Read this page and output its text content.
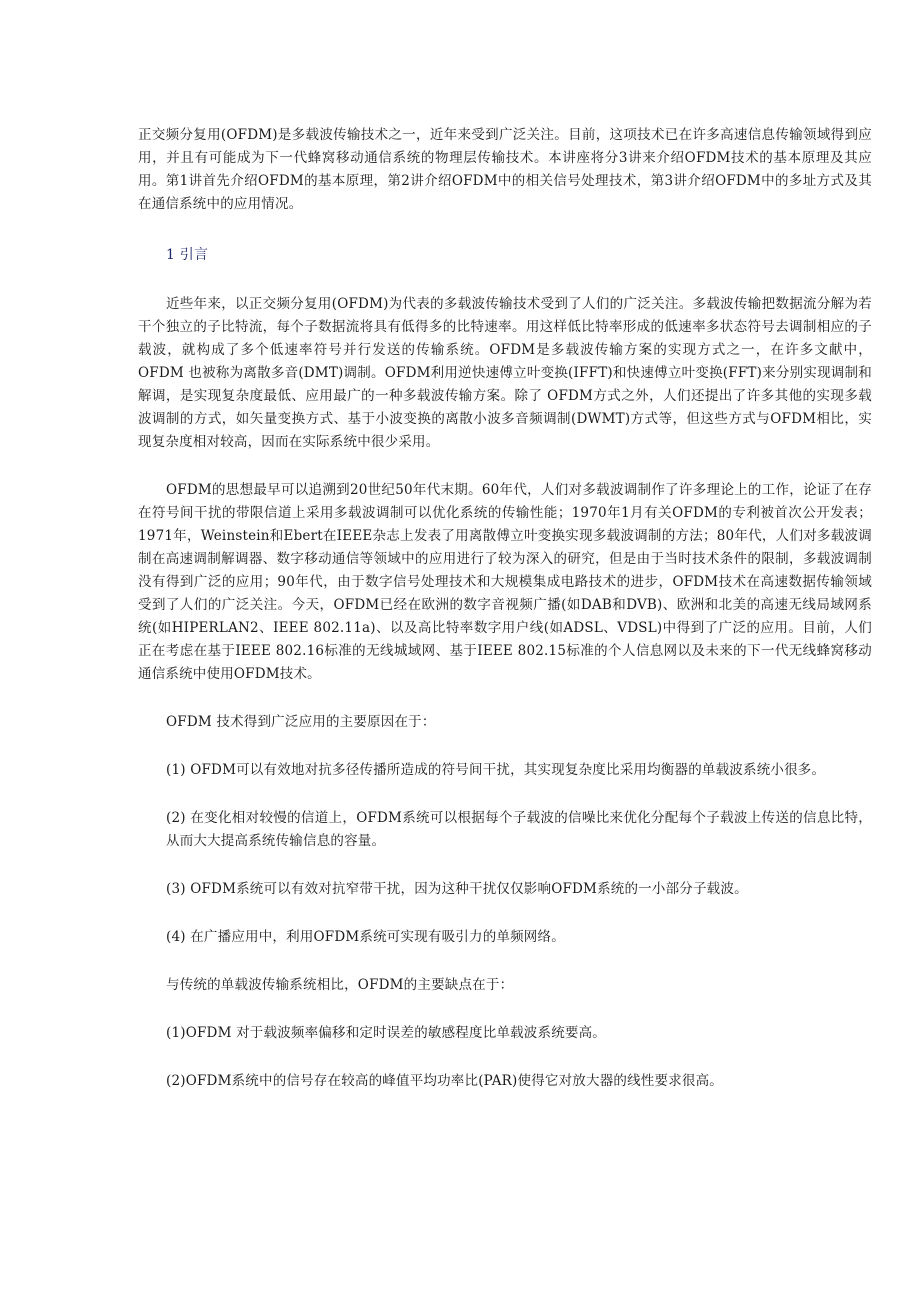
正交频分复用(OFDM)是多载波传输技术之一，近年来受到广泛关注。目前，这项技术已在许多高速信息传输领域得到应用，并且有可能成为下一代蜂窝移动通信系统的物理层传输技术。本讲座将分3讲来介绍OFDM技术的基本原理及其应用。第1讲首先介绍OFDM的基本原理，第2讲介绍OFDM中的相关信号处理技术，第3讲介绍OFDM中的多址方式及其在通信系统中的应用情况。

1 引言

近些年来，以正交频分复用(OFDM)为代表的多载波传输技术受到了人们的广泛关注。多载波传输把数据流分解为若干个独立的子比特流，每个子数据流将具有低得多的比特速率。用这样低比特率形成的低速率多状态符号去调制相应的子载波，就构成了多个低速率符号并行发送的传输系统。OFDM是多载波传输方案的实现方式之一，在许多文献中，OFDM 也被称为离散多音(DMT)调制。OFDM利用逆快速傅立叶变换(IFFT)和快速傅立叶变换(FFT)来分别实现调制和解调，是实现复杂度最低、应用最广的一种多载波传输方案。除了 OFDM方式之外，人们还提出了许多其他的实现多载波调制的方式，如矢量变换方式、基于小波变换的离散小波多音频调制(DWMT)方式等，但这些方式与OFDM相比，实现复杂度相对较高，因而在实际系统中很少采用。

OFDM的思想最早可以追溯到20世纪50年代末期。60年代，人们对多载波调制作了许多理论上的工作，论证了在存在符号间干扰的带限信道上采用多载波调制可以优化系统的传输性能；1970年1月有关OFDM的专利被首次公开发表；1971年，Weinstein和Ebert在IEEE杂志上发表了用离散傅立叶变换实现多载波调制的方法；80年代，人们对多载波调制在高速调制解调器、数字移动通信等领域中的应用进行了较为深入的研究，但是由于当时技术条件的限制，多载波调制没有得到广泛的应用；90年代，由于数字信号处理技术和大规模集成电路技术的进步，OFDM技术在高速数据传输领域受到了人们的广泛关注。今天，OFDM已经在欧洲的数字音视频广播(如DAB和DVB)、欧洲和北美的高速无线局域网系统(如HIPERLAN2、IEEE 802.11a)、以及高比特率数字用户线(如ADSL、VDSL)中得到了广泛的应用。目前，人们正在考虑在基于IEEE 802.16标准的无线城域网、基于IEEE 802.15标准的个人信息网以及未来的下一代无线蜂窝移动通信系统中使用OFDM技术。

OFDM 技术得到广泛应用的主要原因在于：

(1) OFDM可以有效地对抗多径传播所造成的符号间干扰，其实现复杂度比采用均衡器的单载波系统小很多。

(2) 在变化相对较慢的信道上，OFDM系统可以根据每个子载波的信噪比来优化分配每个子载波上传送的信息比特，从而大大提高系统传输信息的容量。

(3) OFDM系统可以有效对抗窄带干扰，因为这种干扰仅仅影响OFDM系统的一小部分子载波。

(4) 在广播应用中，利用OFDM系统可实现有吸引力的单频网络。

与传统的单载波传输系统相比，OFDM的主要缺点在于：

(1)OFDM 对于载波频率偏移和定时误差的敏感程度比单载波系统要高。

(2)OFDM系统中的信号存在较高的峰值平均功率比(PAR)使得它对放大器的线性要求很高。
